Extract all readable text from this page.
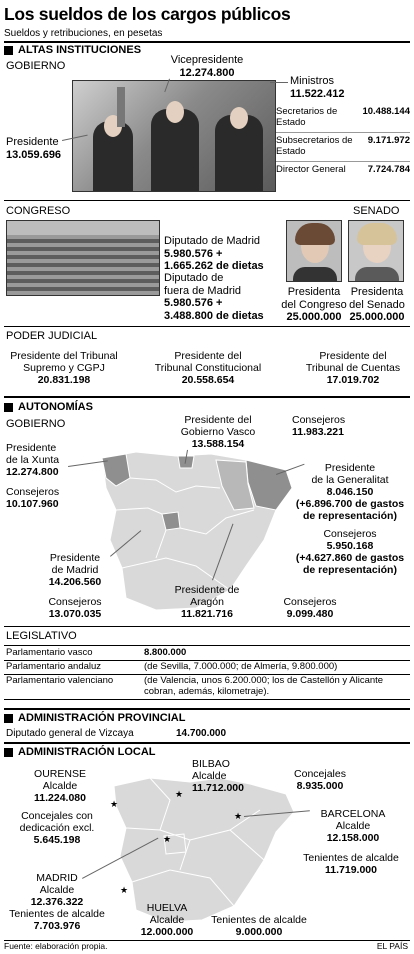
Los sueldos de los cargos públicos
Sueldos y retribuciones, en pesetas
ALTAS INSTITUCIONES
GOBIERNO	Vicepresidente
12.274.800
Ministros
11.522.412
Presidente
13.059.696
Secretarios de Estado
10.488.144
Subsecretarios de Estado
9.171.972
Director General	7.724.784
CONGRESO	SENADO
Diputado de Madrid
5.980.576 +
1.665.262 de dietas
Diputado de
fuera de Madrid
5.980.576 +
3.488.800 de dietas
Presidenta
del Congreso
25.000.000
Presidenta
del Senado
25.000.000
PODER JUDICIAL
Presidente del Tribunal
Supremo y CGPJ
20.831.198
Presidente del
Tribunal Constitucional
20.558.654
Presidente del
Tribunal de Cuentas
17.019.702
AUTONOMÍAS
GOBIERNO
Presidente
de la Xunta
12.274.800
Consejeros
10.107.960
Presidente del
Gobierno Vasco
13.588.154
Consejeros
11.983.221
Presidente
de la Generalitat
8.046.150
(+6.896.700 de gastos
de representación)
Consejeros
5.950.168
(+4.627.860 de gastos
de representación)
Presidente
de Madrid
14.206.560
Consejeros
13.070.035
Presidente de
Aragón
11.821.716
Consejeros
9.099.480
LEGISLATIVO
Parlamentario vasco	8.800.000
Parlamentario andaluz	(de Sevilla, 7.000.000; de Almería, 9.800.000)
Parlamentario valenciano	(de Valencia, unos 6.200.000; los de Castellón y Alicante cobran, además, kilometraje).
ADMINISTRACIÓN PROVINCIAL
Diputado general de Vizcaya	14.700.000
ADMINISTRACIÓN LOCAL
★
★
★
★
★
OURENSE
Alcalde
11.224.080
Concejales con
dedicación excl.
5.645.198
BILBAO
Alcalde
11.712.000
Concejales
8.935.000
BARCELONA
Alcalde
12.158.000
Tenientes de alcalde
11.719.000
MADRID
Alcalde
12.376.322
Tenientes de alcalde
7.703.976
HUELVA
Alcalde
12.000.000
Tenientes de alcalde
9.000.000
Fuente: elaboración propia.	EL PAÍS
